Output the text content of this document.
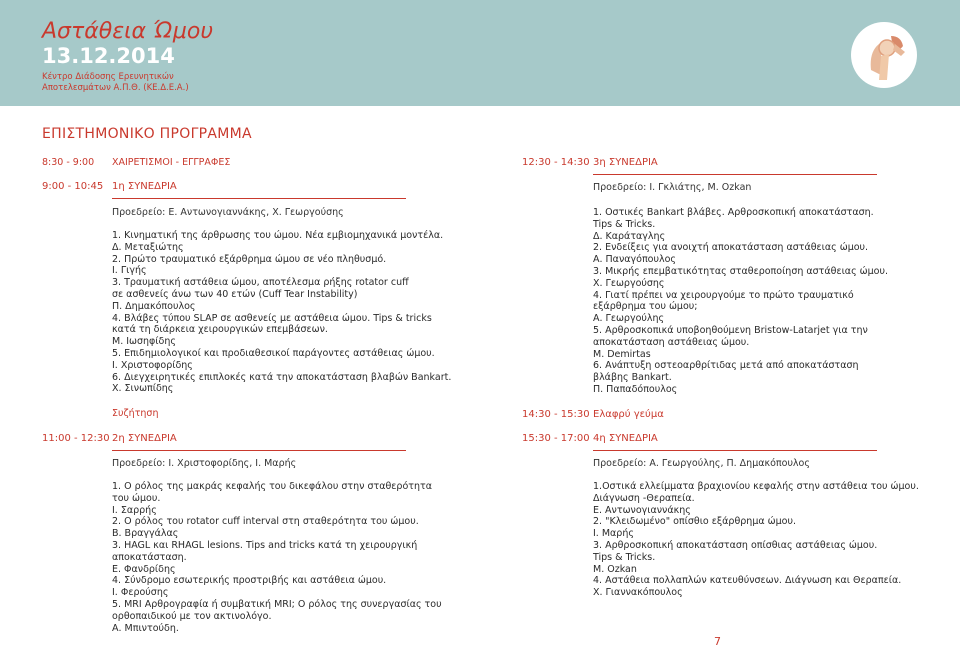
Αστάθεια Ώμου
13.12.2014
Κέντρο Διάδοσης Ερευνητικών
Αποτελεσμάτων Α.Π.Θ. (ΚΕ.Δ.Ε.Α.)
ΕΠΙΣΤΗΜΟΝΙΚΟ ΠΡΟΓΡΑΜΜΑ
8:30 - 9:00 ΧΑΙΡΕΤΙΣΜΟΙ - ΕΓΓΡΑΦΕΣ
9:00 - 10:45 1η ΣΥΝΕΔΡΙΑ
Προεδρείο: Ε. Αντωνογιαννάκης, Χ. Γεωργούσης
1. Κινηματική της άρθρωσης του ώμου. Νέα εμβιομηχανικά μοντέλα.
Δ. Μεταξιώτης
2. Πρώτο τραυματικό εξάρθρημα ώμου σε νέο πληθυσμό.
Ι. Γιγής
3. Τραυματική αστάθεια ώμου, αποτέλεσμα ρήξης rotator cuff
σε ασθενείς άνω των 40 ετών (Cuff Tear Instability)
Π. Δημακόπουλος
4. Βλάβες τύπου SLAP σε ασθενείς με αστάθεια ώμου. Tips & tricks
κατά τη διάρκεια χειρουργικών επεμβάσεων.
Μ. Ιωσηφίδης
5. Επιδημιολογικοί και προδιαθεσικοί παράγοντες αστάθειας ώμου.
Ι. Χριστοφορίδης
6. Διεγχειρητικές επιπλοκές κατά την αποκατάσταση βλαβών Bankart.
Χ. Σινωπίδης
Συζήτηση
11:00 - 12:30 2η ΣΥΝΕΔΡΙΑ
Προεδρείο: Ι. Χριστοφορίδης, Ι. Μαρής
1. Ο ρόλος της μακράς κεφαλής του δικεφάλου στην σταθερότητα
του ώμου.
Ι. Σαρρής
2. Ο ρόλος του rotator cuff interval στη σταθερότητα του ώμου.
Β. Βραγγάλας
3. HAGL και RHAGL lesions. Tips and tricks κατά τη χειρουργική
αποκατάσταση.
Ε. Φανδρίδης
4. Σύνδρομο εσωτερικής προστριβής και αστάθεια ώμου.
Ι. Φερούσης
5. MRI Αρθρογραφία ή συμβατική MRI; Ο ρόλος της συνεργασίας του
ορθοπαιδικού με τον ακτινολόγο.
Α. Μπιντούδη.
12:30 - 14:30 3η ΣΥΝΕΔΡΙΑ
Προεδρείο: Ι. Γκλιάτης, Μ. Ozkan
1. Οστικές Bankart βλάβες. Αρθροσκοπική αποκατάσταση.
Tips & Tricks.
Δ. Καράταγλης
2. Ενδείξεις για ανοιχτή αποκατάσταση αστάθειας ώμου.
Α. Παναγόπουλος
3. Μικρής επεμβατικότητας σταθεροποίηση αστάθειας ώμου.
Χ. Γεωργούσης
4. Γιατί πρέπει να χειρουργούμε το πρώτο τραυματικό
εξάρθρημα του ώμου;
Α. Γεωργούλης
5. Αρθροσκοπικά υποβοηθούμενη Bristow-Latarjet για την
αποκατάσταση αστάθειας ώμου.
Μ. Demirtas
6. Ανάπτυξη οστεοαρθρίτιδας μετά από αποκατάσταση
βλάβης Bankart.
Π. Παπαδόπουλος
14:30 - 15:30 Ελαφρύ γεύμα
15:30 - 17:00 4η ΣΥΝΕΔΡΙΑ
Προεδρείο: Α. Γεωργούλης, Π. Δημακόπουλος
1.Οστικά ελλείμματα βραχιονίου κεφαλής στην αστάθεια του ώμου.
Διάγνωση -Θεραπεία.
Ε. Αντωνογιαννάκης
2. "Κλειδωμένο" οπίσθιο εξάρθρημα ώμου.
Ι. Μαρής
3. Αρθροσκοπική αποκατάσταση οπίσθιας αστάθειας ώμου.
Tips & Tricks.
Μ. Ozkan
4. Αστάθεια πολλαπλών κατευθύνσεων. Διάγνωση και Θεραπεία.
Χ. Γιαννακόπουλος
7
